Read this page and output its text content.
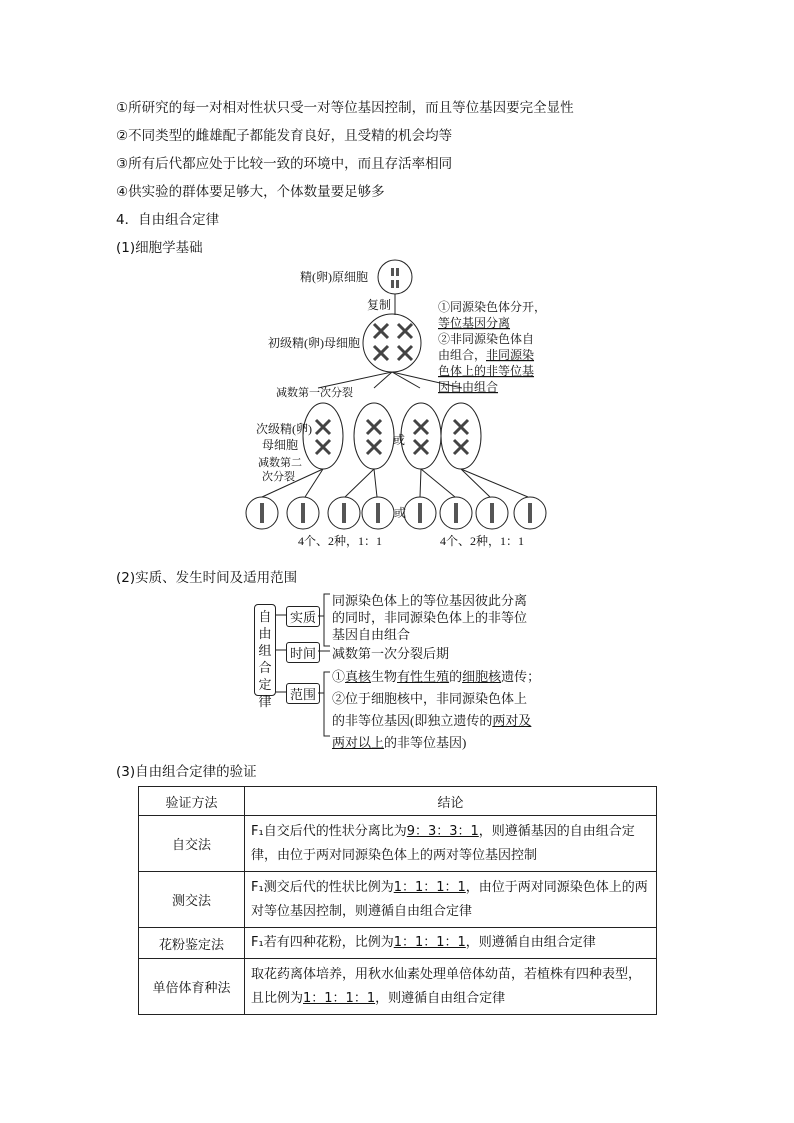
①所研究的每一对相对性状只受一对等位基因控制，而且等位基因要完全显性
②不同类型的雌雄配子都能发育良好，且受精的机会均等
③所有后代都应处于比较一致的环境中，而且存活率相同
④供实验的群体要足够大，个体数量要足够多
4．自由组合定律
(1)细胞学基础
精(卵)原细胞
复制
初级精(卵)母细胞
减数第一次分裂
次级精(卵)
母细胞
减数第二
次分裂
或
或
①同源染色体分开，
等位基因分离
②非同源染色体自
由组合， 非同源染
色体上的非等位基
因自由组合
4个、2种，1：1	4个、2种，1：1
(2)实质、发生时间及适用范围
自由组合定律
实质
时间
范围
同源染色体上的等位基因彼此分离
的同时，非同源染色体上的非等位
基因自由组合
减数第一次分裂后期
①真核生物有性生殖的细胞核遗传；
②位于细胞核中，非同源染色体上
的非等位基因(即独立遗传的两对及
两对以上的非等位基因)
(3)自由组合定律的验证
验证方法	结论
自交法	F₁自交后代的性状分离比为9：3：3：1，则遵循基因的自由组合定律，由位于两对同源染色体上的两对等位基因控制
测交法	F₁测交后代的性状比例为1：1：1：1，由位于两对同源染色体上的两对等位基因控制，则遵循自由组合定律
花粉鉴定法	F₁若有四种花粉，比例为1：1：1：1，则遵循自由组合定律
单倍体育种法	取花药离体培养，用秋水仙素处理单倍体幼苗，若植株有四种表型，且比例为1：1：1：1，则遵循自由组合定律
